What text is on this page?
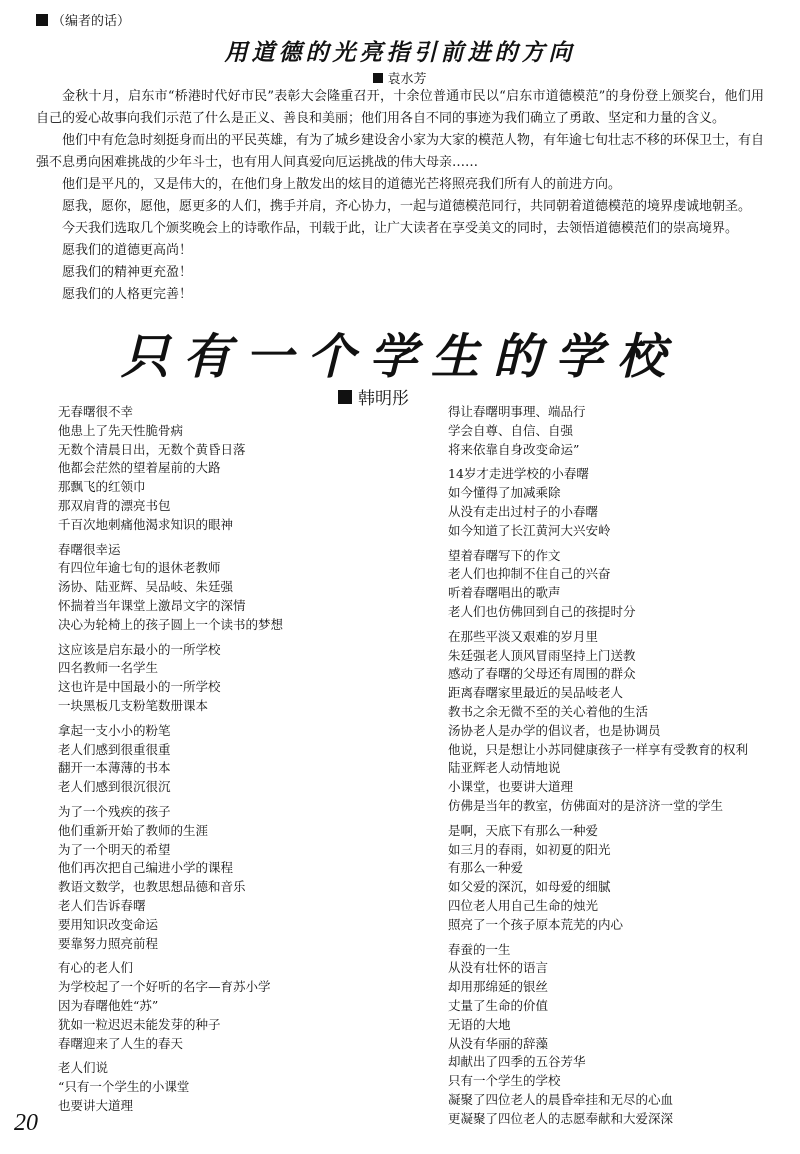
（编者的话）
用道德的光亮指引前进的方向
袁水芳

金秋十月，启东市“桥港时代好市民”表彰大会隆重召开，十余位普通市民以“启东市道德模范”的身份登上颁奖台，他们用自己的爱心故事向我们示范了什么是正义、善良和美丽；他们用各自不同的事迹为我们确立了勇敢、坚定和力量的含义。

他们中有危急时刻挺身而出的平民英雄，有为了城乡建设舍小家为大家的模范人物，有年逾七旬壮志不移的环保卫士，有自强不息勇向困难挑战的少年斗士，也有用人间真爱向厄运挑战的伟大母亲……

他们是平凡的，又是伟大的，在他们身上散发出的炫目的道德光芒将照亮我们所有人的前进方向。

愿我，愿你，愿他，愿更多的人们，携手并肩，齐心协力，一起与道德模范同行，共同朝着道德模范的境界虔诚地朝圣。

今天我们选取几个颁奖晚会上的诗歌作品，刊载于此，让广大读者在享受美文的同时，去领悟道德模范们的崇高境界。

愿我们的道德更高尚！

愿我们的精神更充盈！

愿我们的人格更完善！

只有一个学生的学校
韩明彤
无春曙很不幸
他患上了先天性脆骨病
无数个清晨日出，无数个黄昏日落
他都会茫然的望着屋前的大路
那飘飞的红领巾
那双肩背的漂亮书包
千百次地刺痛他渴求知识的眼神
春曙很幸运
有四位年逾七旬的退休老教师
汤协、陆亚辉、吴品岐、朱廷强
怀揣着当年课堂上激昂文字的深情
决心为轮椅上的孩子圆上一个读书的梦想
这应该是启东最小的一所学校
四名教师一名学生
这也许是中国最小的一所学校
一块黑板几支粉笔数册课本
拿起一支小小的粉笔
老人们感到很重很重
翻开一本薄薄的书本
老人们感到很沉很沉
为了一个残疾的孩子
他们重新开始了教师的生涯
为了一个明天的希望
他们再次把自己编进小学的课程
教语文数学，也教思想品德和音乐
老人们告诉春曙
要用知识改变命运
要靠努力照亮前程
有心的老人们
为学校起了一个好听的名字—育苏小学
因为春曙他姓“苏”
犹如一粒迟迟未能发芽的种子
春曙迎来了人生的春天
老人们说
“只有一个学生的小课堂
也要讲大道理
得让春曙明事理、端品行
学会自尊、自信、自强
将来依靠自身改变命运”
14岁才走进学校的小春曙
如今懂得了加减乘除
从没有走出过村子的小春曙
如今知道了长江黄河大兴安岭
望着春曙写下的作文
老人们也抑制不住自己的兴奋
听着春曙唱出的歌声
老人们也仿佛回到自己的孩提时分
在那些平淡又艰难的岁月里
朱廷强老人顶风冒雨坚持上门送教
感动了春曙的父母还有周围的群众
距离春曙家里最近的吴品岐老人
教书之余无微不至的关心着他的生活
汤协老人是办学的倡议者，也是协调员
他说，只是想让小苏同健康孩子一样享有受教育的权利
陆亚辉老人动情地说
小课堂，也要讲大道理
仿佛是当年的教室，仿佛面对的是济济一堂的学生
是啊，天底下有那么一种爱
如三月的春雨，如初夏的阳光
有那么一种爱
如父爱的深沉，如母爱的细腻
四位老人用自己生命的烛光
照亮了一个孩子原本荒芜的内心
春蚕的一生
从没有壮怀的语言
却用那绵延的银丝
丈量了生命的价值
无语的大地
从没有华丽的辞藻
却献出了四季的五谷芳华
只有一个学生的学校
凝聚了四位老人的晨昏牵挂和无尽的心血
更凝聚了四位老人的志愿奉献和大爱深深
20
